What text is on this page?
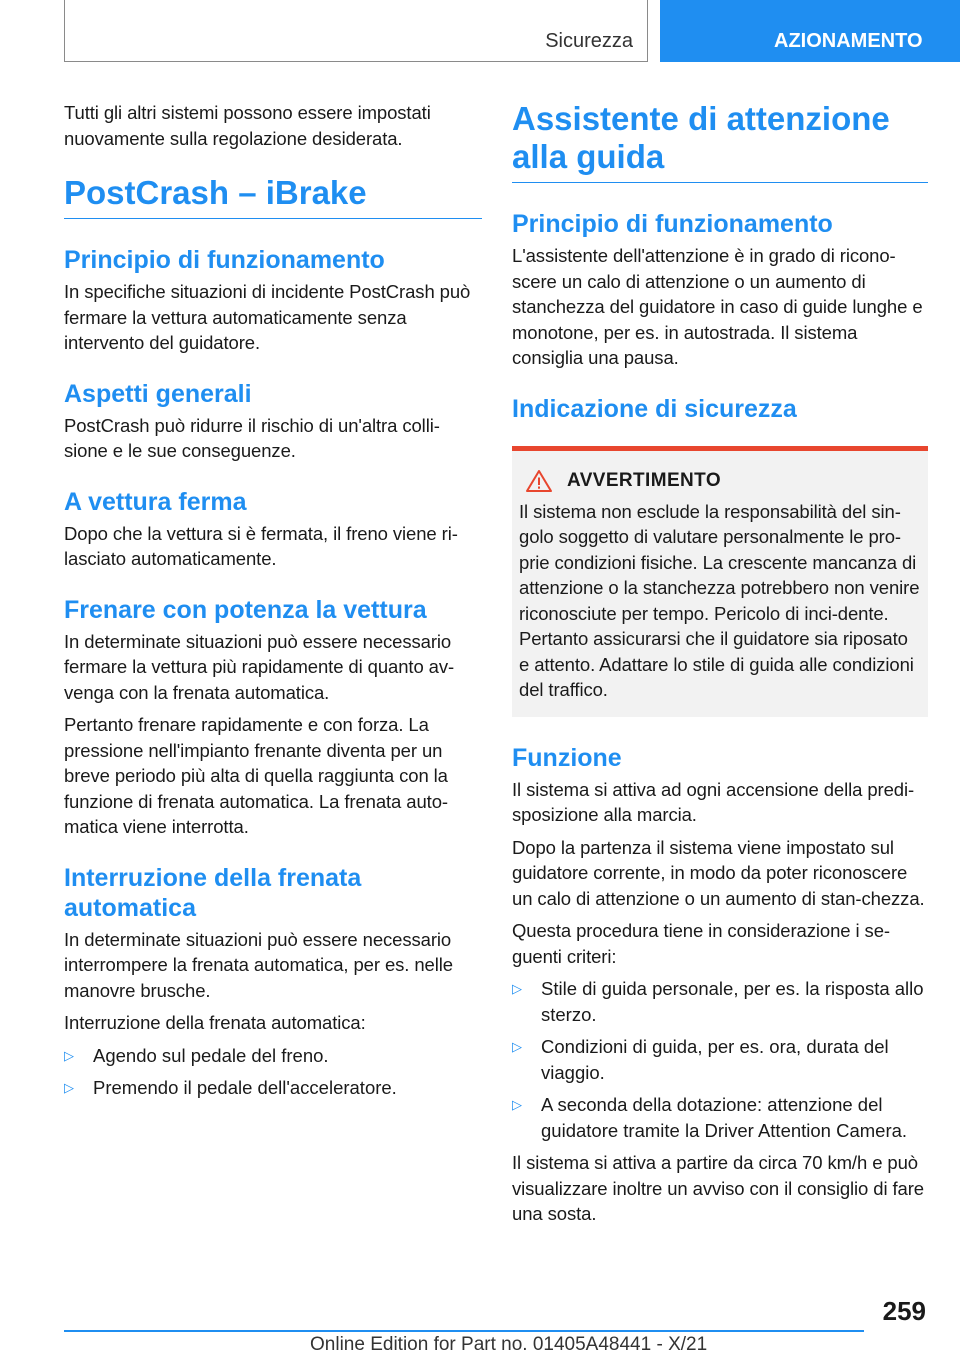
Sicurezza	AZIONAMENTO

Tutti gli altri sistemi possono essere impostati nuovamente sulla regolazione desiderata.

PostCrash – iBrake
Principio di funzionamento

In specifiche situazioni di incidente PostCrash può fermare la vettura automaticamente senza intervento del guidatore.

Aspetti generali

PostCrash può ridurre il rischio di un'altra colli-sione e le sue conseguenze.

A vettura ferma

Dopo che la vettura si è fermata, il freno viene ri-lasciato automaticamente.

Frenare con potenza la vettura

In determinate situazioni può essere necessario fermare la vettura più rapidamente di quanto av-venga con la frenata automatica.

Pertanto frenare rapidamente e con forza. La pressione nell'impianto frenante diventa per un breve periodo più alta di quella raggiunta con la funzione di frenata automatica. La frenata auto-matica viene interrotta.

Interruzione della frenata automatica

In determinate situazioni può essere necessario interrompere la frenata automatica, per es. nelle manovre brusche.

Interruzione della frenata automatica:

▷ Agendo sul pedale del freno.
▷ Premendo il pedale dell'acceleratore.
Assistente di attenzione alla guida
Principio di funzionamento

L'assistente dell'attenzione è in grado di ricono-scere un calo di attenzione o un aumento di stanchezza del guidatore in caso di guide lunghe e monotone, per es. in autostrada. Il sistema consiglia una pausa.

Indicazione di sicurezza
AVVERTIMENTO

Il sistema non esclude la responsabilità del sin-golo soggetto di valutare personalmente le pro-prie condizioni fisiche. La crescente mancanza di attenzione o la stanchezza potrebbero non venire riconosciute per tempo. Pericolo di inci-dente. Pertanto assicurarsi che il guidatore sia riposato e attento. Adattare lo stile di guida alle condizioni del traffico.

Funzione

Il sistema si attiva ad ogni accensione della predi-sposizione alla marcia.

Dopo la partenza il sistema viene impostato sul guidatore corrente, in modo da poter riconoscere un calo di attenzione o un aumento di stan-chezza.

Questa procedura tiene in considerazione i se-guenti criteri:

▷ Stile di guida personale, per es. la risposta allo sterzo.
▷ Condizioni di guida, per es. ora, durata del viaggio.
▷ A seconda della dotazione: attenzione del guidatore tramite la Driver Attention Camera.

Il sistema si attiva a partire da circa 70 km/h e può visualizzare inoltre un avviso con il consiglio di fare una sosta.

259
Online Edition for Part no. 01405A48441 - X/21
